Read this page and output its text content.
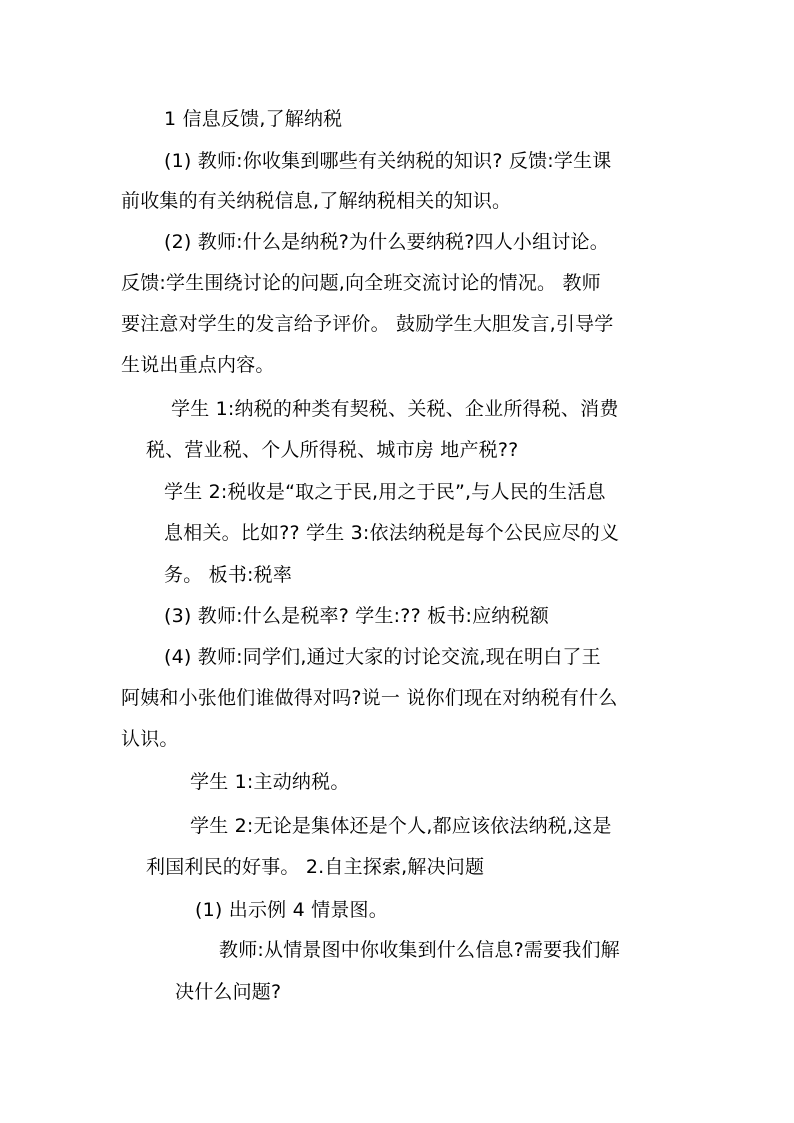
1 信息反馈,了解纳税
(1) 教师:你收集到哪些有关纳税的知识? 反馈:学生课
前收集的有关纳税信息,了解纳税相关的知识。
(2) 教师:什么是纳税?为什么要纳税?四人小组讨论。
反馈:学生围绕讨论的问题,向全班交流讨论的情况。 教师
要注意对学生的发言给予评价。 鼓励学生大胆发言,引导学
生说出重点内容。
学生 1:纳税的种类有契税、关税、企业所得税、消费
税、营业税、个人所得税、城市房 地产税??
学生 2:税收是“取之于民,用之于民”,与人民的生活息
息相关。比如?? 学生 3:依法纳税是每个公民应尽的义
务。 板书:税率
(3) 教师:什么是税率? 学生:?? 板书:应纳税额
(4) 教师:同学们,通过大家的讨论交流,现在明白了王
阿姨和小张他们谁做得对吗?说一 说你们现在对纳税有什么
认识。
学生 1:主动纳税。
学生 2:无论是集体还是个人,都应该依法纳税,这是
利国利民的好事。 2.自主探索,解决问题
(1) 出示例 4 情景图。
教师:从情景图中你收集到什么信息?需要我们解
决什么问题?
